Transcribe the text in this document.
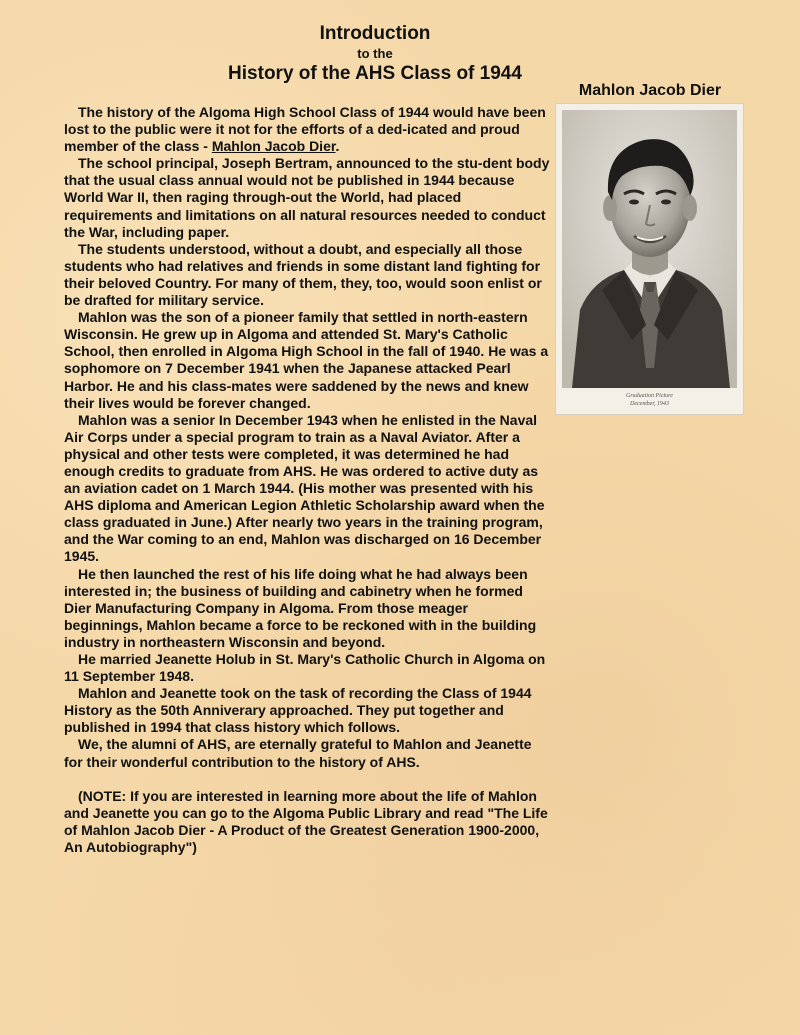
Introduction
to the
History of the AHS Class of 1944
Mahlon Jacob Dier
Graduation Picture
December, 1943

The history of the Algoma High School Class of 1944 would have been lost to the public were it not for the efforts of a ded-icated and proud member of the class - Mahlon Jacob Dier.

The school principal, Joseph Bertram, announced to the stu-dent body that the usual class annual would not be published in 1944 because World War II, then raging through-out the World, had placed requirements and limitations on all natural resources needed to conduct the War, including paper.

The students understood, without a doubt, and especially all those students who had relatives and friends in some distant land fighting for their beloved Country. For many of them, they, too, would soon enlist or be drafted for military service.

Mahlon was the son of a pioneer family that settled in north-eastern Wisconsin. He grew up in Algoma and attended St. Mary's Catholic School, then enrolled in Algoma High School in the fall of 1940. He was a sophomore on 7 December 1941 when the Japanese attacked Pearl Harbor. He and his class-mates were saddened by the news and knew their lives would be forever changed.

Mahlon was a senior In December 1943 when he enlisted in the Naval Air Corps under a special program to train as a Naval Aviator. After a physical and other tests were completed, it was determined he had enough credits to graduate from AHS. He was ordered to active duty as an aviation cadet on 1 March 1944. (His mother was presented with his AHS diploma and American Legion Athletic Scholarship award when the class graduated in June.) After nearly two years in the training program, and the War coming to an end, Mahlon was discharged on 16 December 1945.

He then launched the rest of his life doing what he had always been interested in; the business of building and cabinetry when he formed Dier Manufacturing Company in Algoma. From those meager beginnings, Mahlon became a force to be reckoned with in the building industry in northeastern Wisconsin and beyond.

He married Jeanette Holub in St. Mary's Catholic Church in Algoma on 11 September 1948.

Mahlon and Jeanette took on the task of recording the Class of 1944 History as the 50th Anniverary approached. They put together and published in 1994 that class history which follows.

We, the alumni of AHS, are eternally grateful to Mahlon and Jeanette for their wonderful contribution to the history of AHS.

(NOTE: If you are interested in learning more about the life of Mahlon and Jeanette you can go to the Algoma Public Library and read "The Life of Mahlon Jacob Dier - A Product of the Greatest Generation 1900-2000, An Autobiography")
